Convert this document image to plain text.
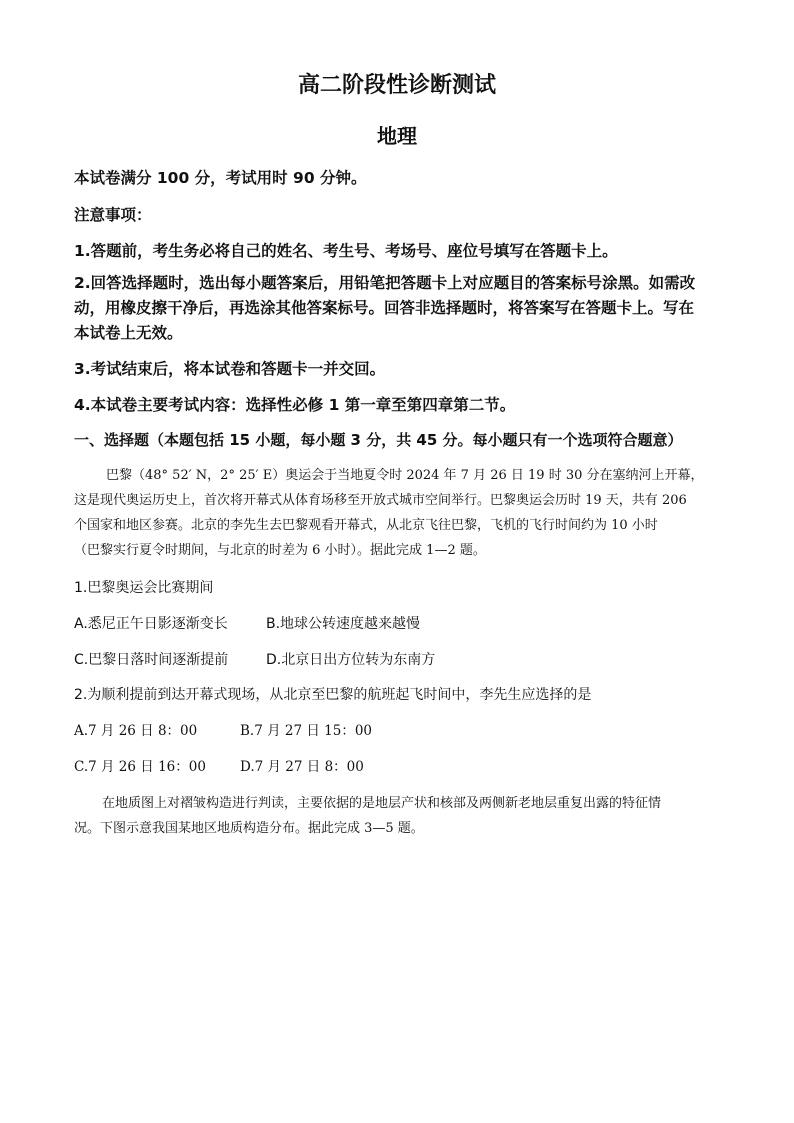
高二阶段性诊断测试
地理
本试卷满分 100 分，考试用时 90 分钟。
注意事项：
1.答题前，考生务必将自己的姓名、考生号、考场号、座位号填写在答题卡上。
2.回答选择题时，选出每小题答案后，用铅笔把答题卡上对应题目的答案标号涂黑。如需改
动，用橡皮擦干净后，再选涂其他答案标号。回答非选择题时，将答案写在答题卡上。写在
本试卷上无效。
3.考试结束后，将本试卷和答题卡一并交回。
4.本试卷主要考试内容：选择性必修 1 第一章至第四章第二节。
一、选择题（本题包括 15 小题，每小题 3 分，共 45 分。每小题只有一个选项符合题意）
巴黎（48° 52′ N，2° 25′ E）奥运会于当地夏令时 2024 年 7 月 26 日 19 时 30 分在塞纳河上开幕，
这是现代奥运历史上，首次将开幕式从体育场移至开放式城市空间举行。巴黎奥运会历时 19 天，共有 206
个国家和地区参赛。北京的李先生去巴黎观看开幕式，从北京飞往巴黎，飞机的飞行时间约为 10 小时
（巴黎实行夏令时期间，与北京的时差为 6 小时）。据此完成 1—2 题。
1.巴黎奥运会比赛期间
A.悉尼正午日影逐渐变长	B.地球公转速度越来越慢
C.巴黎日落时间逐渐提前	D.北京日出方位转为东南方
2.为顺利提前到达开幕式现场，从北京至巴黎的航班起飞时间中，李先生应选择的是
A.7 月 26 日 8：00	B.7 月 27 日 15：00
C.7 月 26 日 16：00	D.7 月 27 日 8：00
在地质图上对褶皱构造进行判读，主要依据的是地层产状和核部及两侧新老地层重复出露的特征情
况。下图示意我国某地区地质构造分布。据此完成 3—5 题。
